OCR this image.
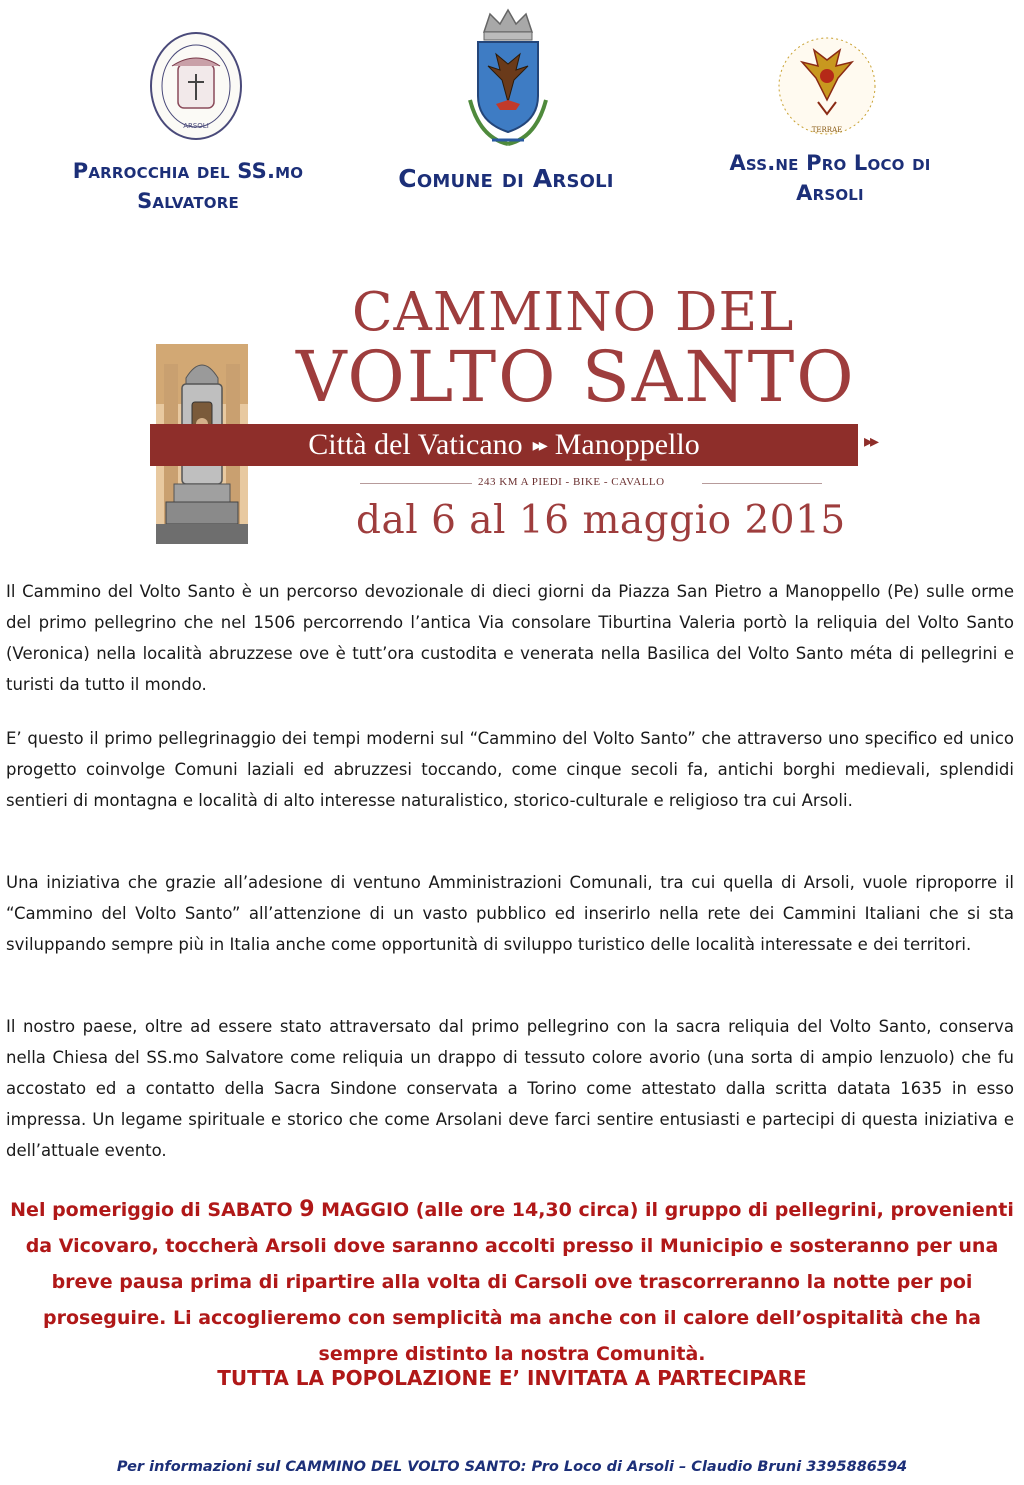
ARSOLI	TERRAE
Parrocchia del SS.mo
Salvatore
Comune di Arsoli
Ass.ne Pro Loco di
Arsoli
CAMMINO DEL
VOLTO SANTO
Città del Vaticano ▸▸ Manoppello	▸▸
243 KM A PIEDI - BIKE - CAVALLO
dal 6 al 16 maggio 2015
Il Cammino del Volto Santo è un percorso devozionale di dieci giorni da Piazza San Pietro a Manoppello (Pe) sulle orme del primo pellegrino che nel 1506 percorrendo l’antica Via consolare Tiburtina Valeria portò la reliquia del Volto Santo (Veronica) nella località abruzzese ove è tutt’ora custodita e venerata nella Basilica del Volto Santo méta di pellegrini e turisti da tutto il mondo.
E’ questo il primo pellegrinaggio dei tempi moderni sul “Cammino del Volto Santo” che attraverso uno specifico ed unico progetto coinvolge Comuni laziali ed abruzzesi toccando, come cinque secoli fa, antichi borghi medievali, splendidi sentieri di montagna e località di alto interesse naturalistico, storico-culturale e religioso tra cui Arsoli.
Una iniziativa che grazie all’adesione di ventuno Amministrazioni Comunali, tra cui quella di Arsoli, vuole riproporre il “Cammino del Volto Santo” all’attenzione di un vasto pubblico ed inserirlo nella rete dei Cammini Italiani che si sta sviluppando sempre più in Italia anche come opportunità di sviluppo turistico delle località interessate e dei territori.
Il nostro paese, oltre ad essere stato attraversato dal primo pellegrino con la sacra reliquia del Volto Santo, conserva nella Chiesa del SS.mo Salvatore come reliquia un drappo di tessuto colore avorio (una sorta di ampio lenzuolo) che fu accostato ed a contatto della Sacra Sindone conservata a Torino come attestato dalla scritta datata 1635 in esso impressa. Un legame spirituale e storico che come Arsolani deve farci sentire entusiasti e partecipi di questa iniziativa e dell’attuale evento.
Nel pomeriggio di SABATO 9 MAGGIO (alle ore 14,30 circa) il gruppo di pellegrini, provenienti da Vicovaro, toccherà Arsoli dove saranno accolti presso il Municipio e sosteranno per una breve pausa prima di ripartire alla volta di Carsoli ove trascorreranno la notte per poi proseguire. Li accoglieremo con semplicità ma anche con il calore dell’ospitalità che ha sempre distinto la nostra Comunità.
TUTTA LA POPOLAZIONE E’ INVITATA A PARTECIPARE
Per informazioni sul CAMMINO DEL VOLTO SANTO: Pro Loco di Arsoli – Claudio Bruni 3395886594
